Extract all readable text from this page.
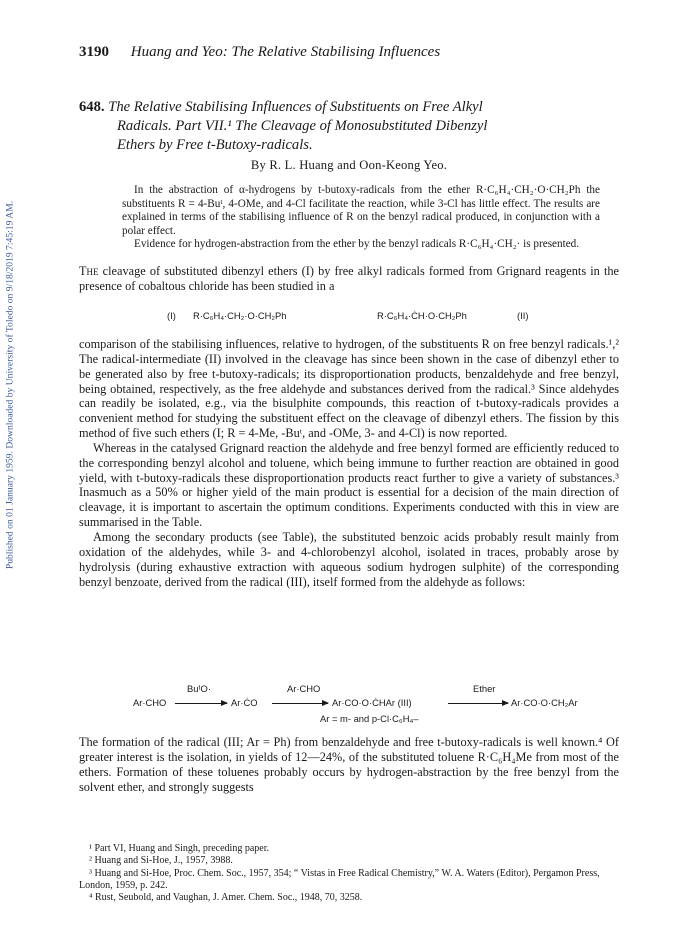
Published on 01 January 1959. Downloaded by University of Toledo on 9/18/2019 7:45:19 AM.
3190 Huang and Yeo: The Relative Stabilising Influences
648. The Relative Stabilising Influences of Substituents on Free Alkyl
Radicals. Part VII.¹ The Cleavage of Monosubstituted Dibenzyl
Ethers by Free t-Butoxy-radicals.
By R. L. Huang and Oon-Keong Yeo.

In the abstraction of α-hydrogens by t-butoxy-radicals from the ether R·C₆H₄·CH₂·O·CH₂Ph the substituents R = 4-Buᵗ, 4-OMe, and 4-Cl facilitate the reaction, while 3-Cl has little effect. The results are explained in terms of the stabilising influence of R on the benzyl radical produced, in conjunction with a polar effect.

Evidence for hydrogen-abstraction from the ether by the benzyl radicals R·C₆H₄·CH₂· is presented.

The cleavage of substituted dibenzyl ethers (I) by free alkyl radicals formed from Grignard reagents in the presence of cobaltous chloride has been studied in a

(I) R·C₆H₄·CH₂·O·CH₂Ph	R·C₆H₄·ĊH·O·CH₂Ph	(II)

comparison of the stabilising influences, relative to hydrogen, of the substituents R on free benzyl radicals.¹,² The radical-intermediate (II) involved in the cleavage has since been shown in the case of dibenzyl ether to be generated also by free t-butoxy-radicals; its disproportionation products, benzaldehyde and free benzyl, being obtained, respectively, as the free aldehyde and substances derived from the radical.³ Since aldehydes can readily be isolated, e.g., via the bisulphite compounds, this reaction of t-butoxy-radicals provides a convenient method for studying the substituent effect on the cleavage of dibenzyl ethers. The fission by this method of five such ethers (I; R = 4-Me, -Buᵗ, and -OMe, 3- and 4-Cl) is now reported.

Whereas in the catalysed Grignard reaction the aldehyde and free benzyl formed are efficiently reduced to the corresponding benzyl alcohol and toluene, which being immune to further reaction are obtained in good yield, with t-butoxy-radicals these disproportionation products react further to give a variety of substances.³ Inasmuch as a 50% or higher yield of the main product is essential for a decision of the main direction of cleavage, it is important to ascertain the optimum conditions. Experiments conducted with this in view are summarised in the Table.

Among the secondary products (see Table), the substituted benzoic acids probably result mainly from oxidation of the aldehydes, while 3- and 4-chlorobenzyl alcohol, isolated in traces, probably arose by hydrolysis (during exhaustive extraction with aqueous sodium hydrogen sulphite) of the corresponding benzyl benzoate, derived from the radical (III), itself formed from the aldehyde as follows:

Ar·CHO
BuᵗO·
Ar·ĊO
Ar·CHO
Ar·CO·O·ĊHAr (III)
Ether
Ar·CO·O·CH₂Ar
Ar = m- and p-Cl·C₆H₄–

The formation of the radical (III; Ar = Ph) from benzaldehyde and free t-butoxy-radicals is well known.⁴ Of greater interest is the isolation, in yields of 12—24%, of the substituted toluene R·C₆H₄Me from most of the ethers. Formation of these toluenes probably occurs by hydrogen-abstraction by the free benzyl from the solvent ether, and strongly suggests

¹ Part VI, Huang and Singh, preceding paper.

² Huang and Si-Hoe, J., 1957, 3988.

³ Huang and Si-Hoe, Proc. Chem. Soc., 1957, 354; “ Vistas in Free Radical Chemistry,” W. A. Waters (Editor), Pergamon Press, London, 1959, p. 242.

⁴ Rust, Seubold, and Vaughan, J. Amer. Chem. Soc., 1948, 70, 3258.
